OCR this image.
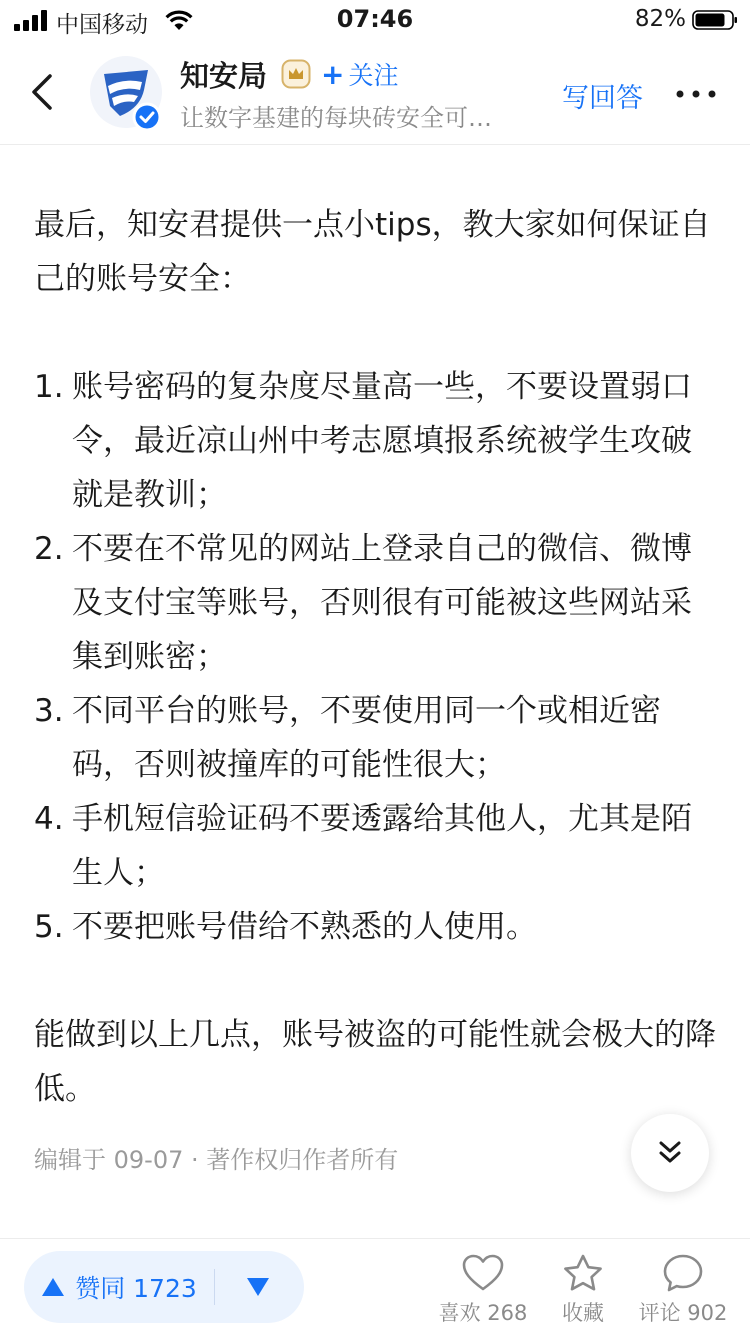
中国移动	07:46	82%
知安局 + 关注
让数字基建的每块砖安全可…
写回答

最后，知安君提供一点小tips，教大家如何保证自己的账号安全：

1. 账号密码的复杂度尽量高一些，不要设置弱口令，最近凉山州中考志愿填报系统被学生攻破就是教训；
2. 不要在不常见的网站上登录自己的微信、微博及支付宝等账号，否则很有可能被这些网站采集到账密；
3. 不同平台的账号，不要使用同一个或相近密码，否则被撞库的可能性很大；
4. 手机短信验证码不要透露给其他人，尤其是陌生人；
5. 不要把账号借给不熟悉的人使用。

能做到以上几点，账号被盗的可能性就会极大的降低。

编辑于 09-07 · 著作权归作者所有
赞同 1723
喜欢 268	收藏	评论 902
